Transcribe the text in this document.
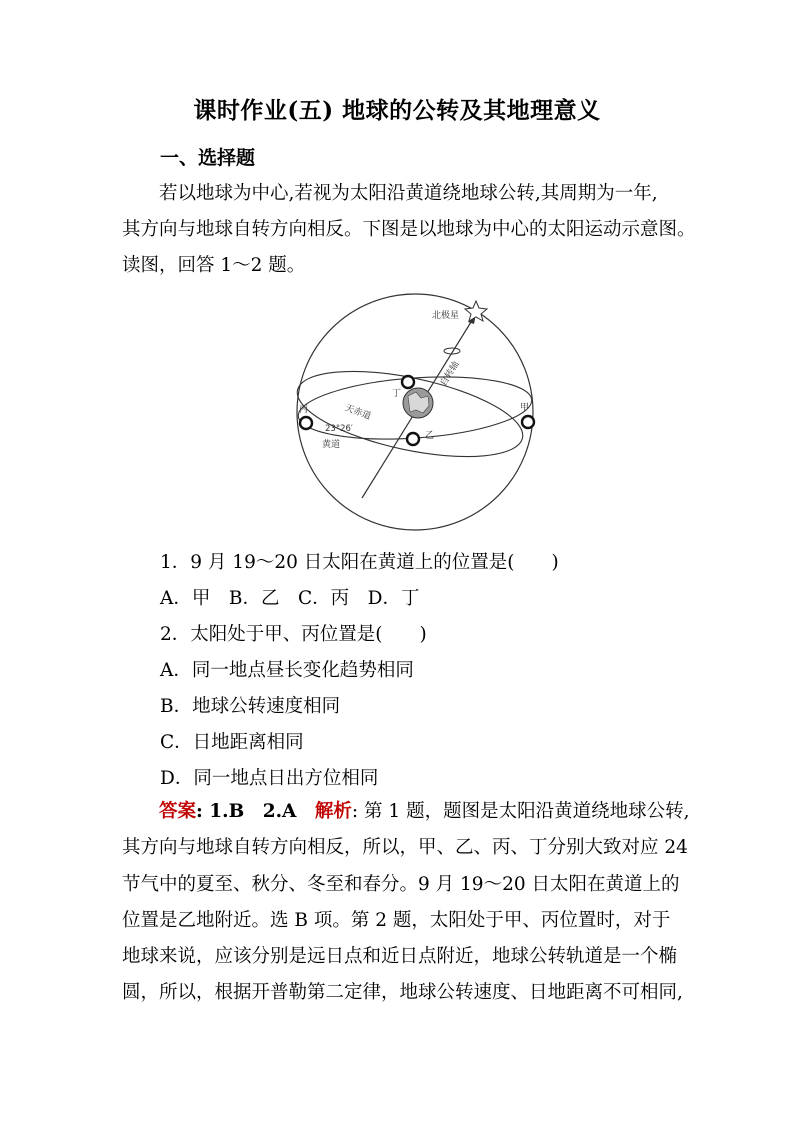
课时作业(五) 地球的公转及其地理意义
一、选择题
若以地球为中心,若视为太阳沿黄道绕地球公转,其周期为一年,
其方向与地球自转方向相反。下图是以地球为中心的太阳运动示意图。
读图，回答 1～2 题。
北极星
自转轴
丁
乙
丙	甲
天赤道
23°26′
黄道
1．9 月 19～20 日太阳在黄道上的位置是(　　)
A．甲　B．乙　C．丙　D．丁
2．太阳处于甲、丙位置是(　　)
A．同一地点昼长变化趋势相同
B．地球公转速度相同
C．日地距离相同
D．同一地点日出方位相同
答案: 1.B　2.A　解析: 第 1 题，题图是太阳沿黄道绕地球公转,
其方向与地球自转方向相反，所以，甲、乙、丙、丁分别大致对应 24
节气中的夏至、秋分、冬至和春分。9 月 19～20 日太阳在黄道上的
位置是乙地附近。选 B 项。第 2 题，太阳处于甲、丙位置时，对于
地球来说，应该分别是远日点和近日点附近，地球公转轨道是一个椭
圆，所以，根据开普勒第二定律，地球公转速度、日地距离不可相同,
